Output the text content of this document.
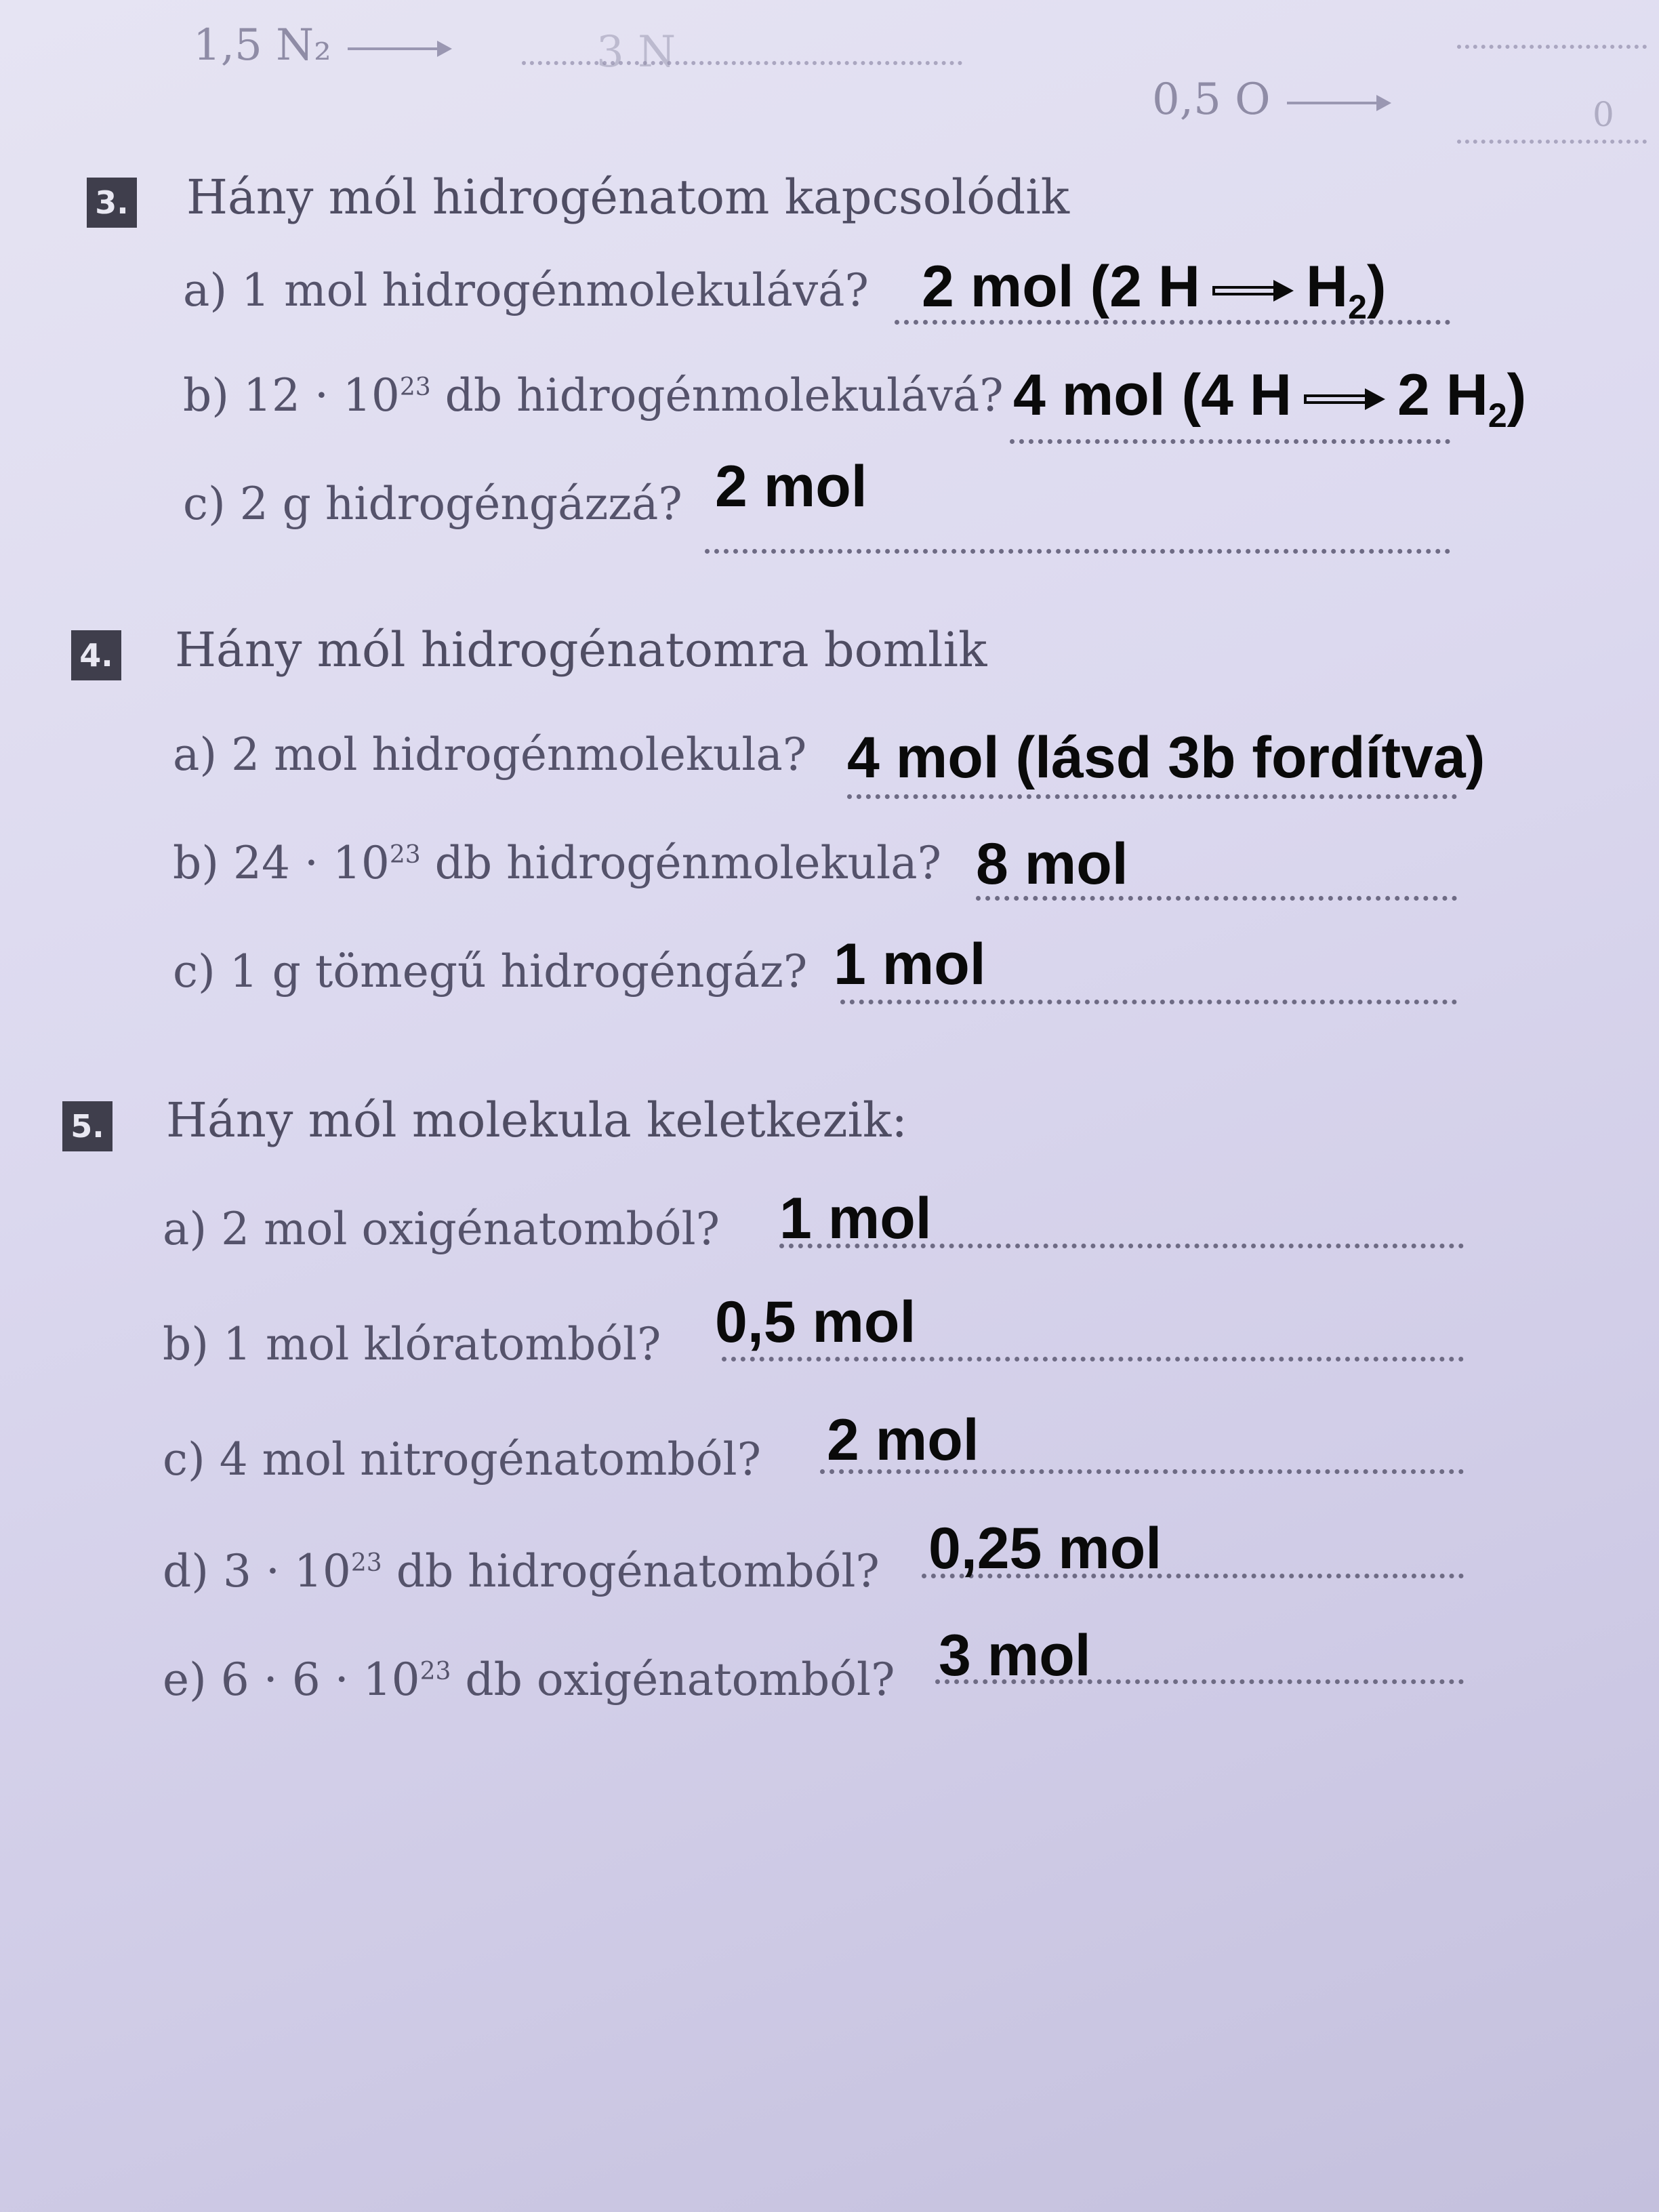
1,5 N₂	3 N
0,5 O	0
3. Hány mól hidrogénatom kapcsolódik
a) 1 mol hidrogénmolekulává? 2 mol (2 H $H_2$)
b) $12 \cdot 10^{23}$ db hidrogénmolekulává? 4 mol (4 H 2 $H_2$)
c) 2 g hidrogéngázzá? 2 mol
4. Hány mól hidrogénatomra bomlik
a) 2 mol hidrogénmolekula? 4 mol (lásd 3b fordítva)
b) $24 \cdot 10^{23}$ db hidrogénmolekula? 8 mol
c) 1 g tömegű hidrogéngáz? 1 mol
5. Hány mól molekula keletkezik:
a) 2 mol oxigénatomból? 1 mol
b) 1 mol klóratomból? 0,5 mol
c) 4 mol nitrogénatomból? 2 mol
d) $3 \cdot 10^{23}$ db hidrogénatomból? 0,25 mol
e) $6 \cdot 6 \cdot 10^{23}$ db oxigénatomból? 3 mol
